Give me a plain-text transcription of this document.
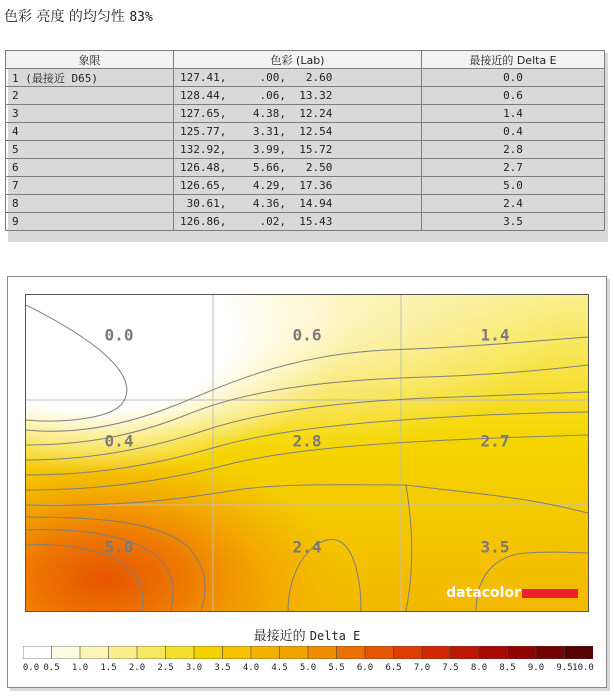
色彩 亮度 的均匀性 83%
象限	色彩 (Lab)	最接近的 Delta E
1 (最接近 D65)	127.41,     .00,   2.60	0.0
2	128.44,     .06,  13.32	0.6
3	127.65,    4.38,  12.24	1.4
4	125.77,    3.31,  12.54	0.4
5	132.92,    3.99,  15.72	2.8
6	126.48,    5.66,   2.50	2.7
7	126.65,    4.29,  17.36	5.0
8	30.61,    4.36,  14.94	2.4
9	126.86,     .02,  15.43	3.5
0.0	0.6	1.4
0.4	2.8	2.7
5.0	2.4	3.5
datacolor
最接近的 Delta E
0.0 0.5 1.0 1.5 2.0 2.5 3.0 3.5 4.0 4.5 5.0 5.5 6.0 6.5 7.0 7.5 8.0 8.5 9.0 9.5 10.0
